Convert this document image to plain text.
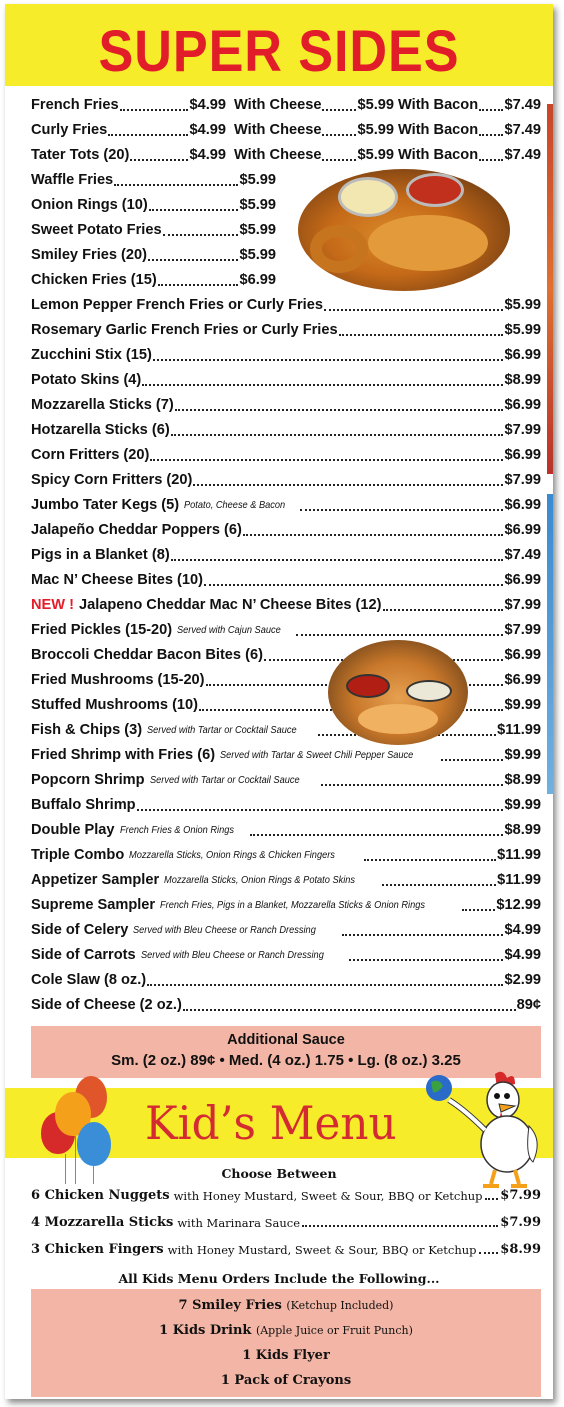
SUPER SIDES
French Fries	$4.99 With Cheese $5.99 With Bacon $7.49
Curly Fries	$4.99 With Cheese $5.99 With Bacon $7.49
Tater Tots (20)	$4.99 With Cheese $5.99 With Bacon $7.49
Waffle Fries	$5.99
Onion Rings (10)	$5.99
Sweet Potato Fries	$5.99
Smiley Fries (20)	$5.99
Chicken Fries (15)	$6.99
Lemon Pepper French Fries or Curly Fries	$5.99
Rosemary Garlic French Fries or Curly Fries	$5.99
Zucchini Stix (15)	$6.99
Potato Skins (4)	$8.99
Mozzarella Sticks (7)	$6.99
Hotzarella Sticks (6)	$7.99
Corn Fritters (20)	$6.99
Spicy Corn Fritters (20)	$7.99
Jumbo Tater Kegs (5) Potato, Cheese & Bacon	$6.99
Jalapeño Cheddar Poppers (6)	$6.99
Pigs in a Blanket (8)	$7.49
Mac N’ Cheese Bites (10)	$6.99
NEW ! Jalapeno Cheddar Mac N’ Cheese Bites (12)	$7.99
Fried Pickles (15-20) Served with Cajun Sauce	$7.99
Broccoli Cheddar Bacon Bites (6)	$6.99
Fried Mushrooms (15-20)	$6.99
Stuffed Mushrooms (10)	$9.99
Fish & Chips (3) Served with Tartar or Cocktail Sauce	$11.99
Fried Shrimp with Fries (6) Served with Tartar & Sweet Chili Pepper Sauce	$9.99
Popcorn Shrimp Served with Tartar or Cocktail Sauce	$8.99
Buffalo Shrimp	$9.99
Double Play French Fries & Onion Rings	$8.99
Triple Combo Mozzarella Sticks, Onion Rings & Chicken Fingers	$11.99
Appetizer Sampler Mozzarella Sticks, Onion Rings & Potato Skins	$11.99
Supreme Sampler French Fries, Pigs in a Blanket, Mozzarella Sticks & Onion Rings	$12.99
Side of Celery Served with Bleu Cheese or Ranch Dressing	$4.99
Side of Carrots Served with Bleu Cheese or Ranch Dressing	$4.99
Cole Slaw (8 oz.)	$2.99
Side of Cheese (2 oz.)	89¢
Additional Sauce
Sm. (2 oz.) 89¢ • Med. (4 oz.) 1.75 • Lg. (8 oz.) 3.25
Kid’s Menu
Choose Between
6 Chicken Nuggets with Honey Mustard, Sweet & Sour, BBQ or Ketchup $7.99
4 Mozzarella Sticks with Marinara Sauce	$7.99
3 Chicken Fingers with Honey Mustard, Sweet & Sour, BBQ or Ketchup $8.99
All Kids Menu Orders Include the Following...
7 Smiley Fries (Ketchup Included)
1 Kids Drink (Apple Juice or Fruit Punch)
1 Kids Flyer
1 Pack of Crayons
